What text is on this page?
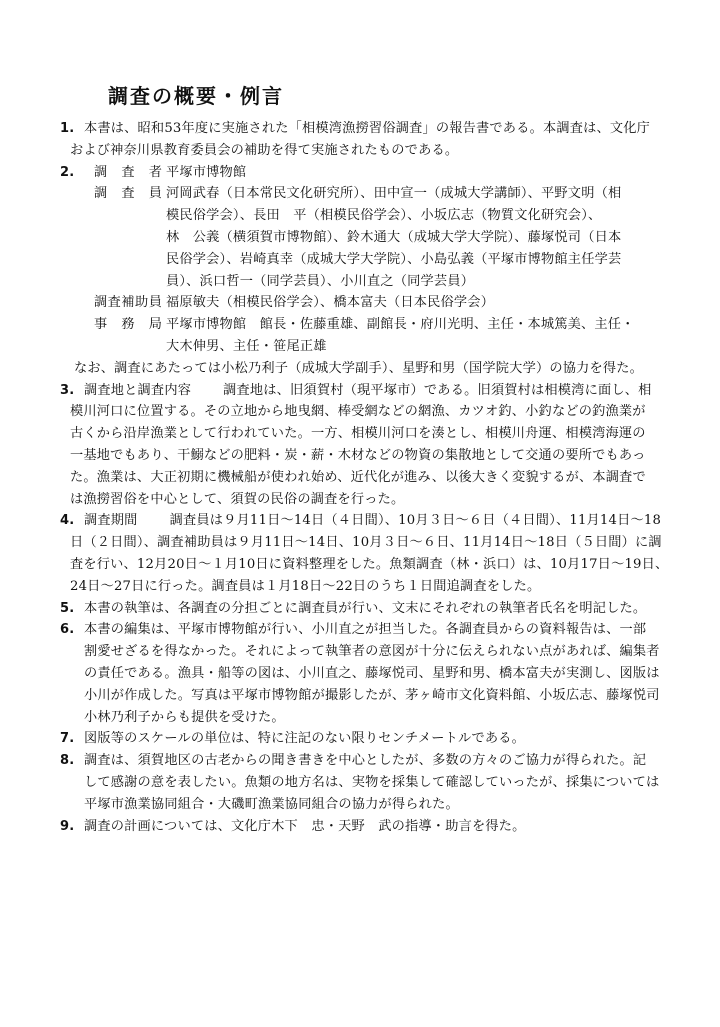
調査の概要・例言
1. 本書は、昭和53年度に実施された「相模湾漁撈習俗調査」の報告書である。本調査は、文化庁
および神奈川県教育委員会の補助を得て実施されたものである。
2.	調 査 者 平塚市博物館
調 査 員 河岡武春（日本常民文化研究所）、田中宣一（成城大学講師）、平野文明（相
模民俗学会）、長田　平（相模民俗学会）、小坂広志（物質文化研究会）、
林　公義（横須賀市博物館）、鈴木通大（成城大学大学院）、藤塚悦司（日本
民俗学会）、岩崎真幸（成城大学大学院）、小島弘義（平塚市博物館主任学芸
員）、浜口哲一（同学芸員）、小川直之（同学芸員）
調査補助員 福原敏夫（相模民俗学会）、橋本富夫（日本民俗学会）
事 務 局 平塚市博物館　館長・佐藤重雄、副館長・府川光明、主任・本城篤美、主任・
大木伸男、主任・笹尾正雄
なお、調査にあたっては小松乃利子（成城大学副手）、星野和男（国学院大学）の協力を得た。
3. 調査地と調査内容 調査地は、旧須賀村（現平塚市）である。旧須賀村は相模湾に面し、相
模川河口に位置する。その立地から地曳網、棒受網などの網漁、カツオ釣、小釣などの釣漁業が
古くから沿岸漁業として行われていた。一方、相模川河口を湊とし、相模川舟運、相模湾海運の
一基地でもあり、干鰯などの肥料・炭・薪・木材などの物資の集散地として交通の要所でもあっ
た。漁業は、大正初期に機械船が使われ始め、近代化が進み、以後大きく変貌するが、本調査で
は漁撈習俗を中心として、須賀の民俗の調査を行った。
4. 調査期間 調査員は９月11日～14日（４日間）、10月３日～６日（４日間）、11月14日～18
日（２日間）、調査補助員は９月11日～14日、10月３日～６日、11月14日～18日（５日間）に調
査を行い、12月20日～１月10日に資料整理をした。魚類調査（林・浜口）は、10月17日～19日、
24日～27日に行った。調査員は１月18日～22日のうち１日間追調査をした。
5. 本書の執筆は、各調査の分担ごとに調査員が行い、文末にそれぞれの執筆者氏名を明記した。
6. 本書の編集は、平塚市博物館が行い、小川直之が担当した。各調査員からの資料報告は、一部
割愛せざるを得なかった。それによって執筆者の意図が十分に伝えられない点があれば、編集者
の責任である。漁具・船等の図は、小川直之、藤塚悦司、星野和男、橋本富夫が実測し、図版は
小川が作成した。写真は平塚市博物館が撮影したが、茅ヶ崎市文化資料館、小坂広志、藤塚悦司
小林乃利子からも提供を受けた。
7. 図版等のスケールの単位は、特に注記のない限りセンチメートルである。
8. 調査は、須賀地区の古老からの聞き書きを中心としたが、多数の方々のご協力が得られた。記
して感謝の意を表したい。魚類の地方名は、実物を採集して確認していったが、採集については
平塚市漁業協同組合・大磯町漁業協同組合の協力が得られた。
9. 調査の計画については、文化庁木下　忠・天野　武の指導・助言を得た。
